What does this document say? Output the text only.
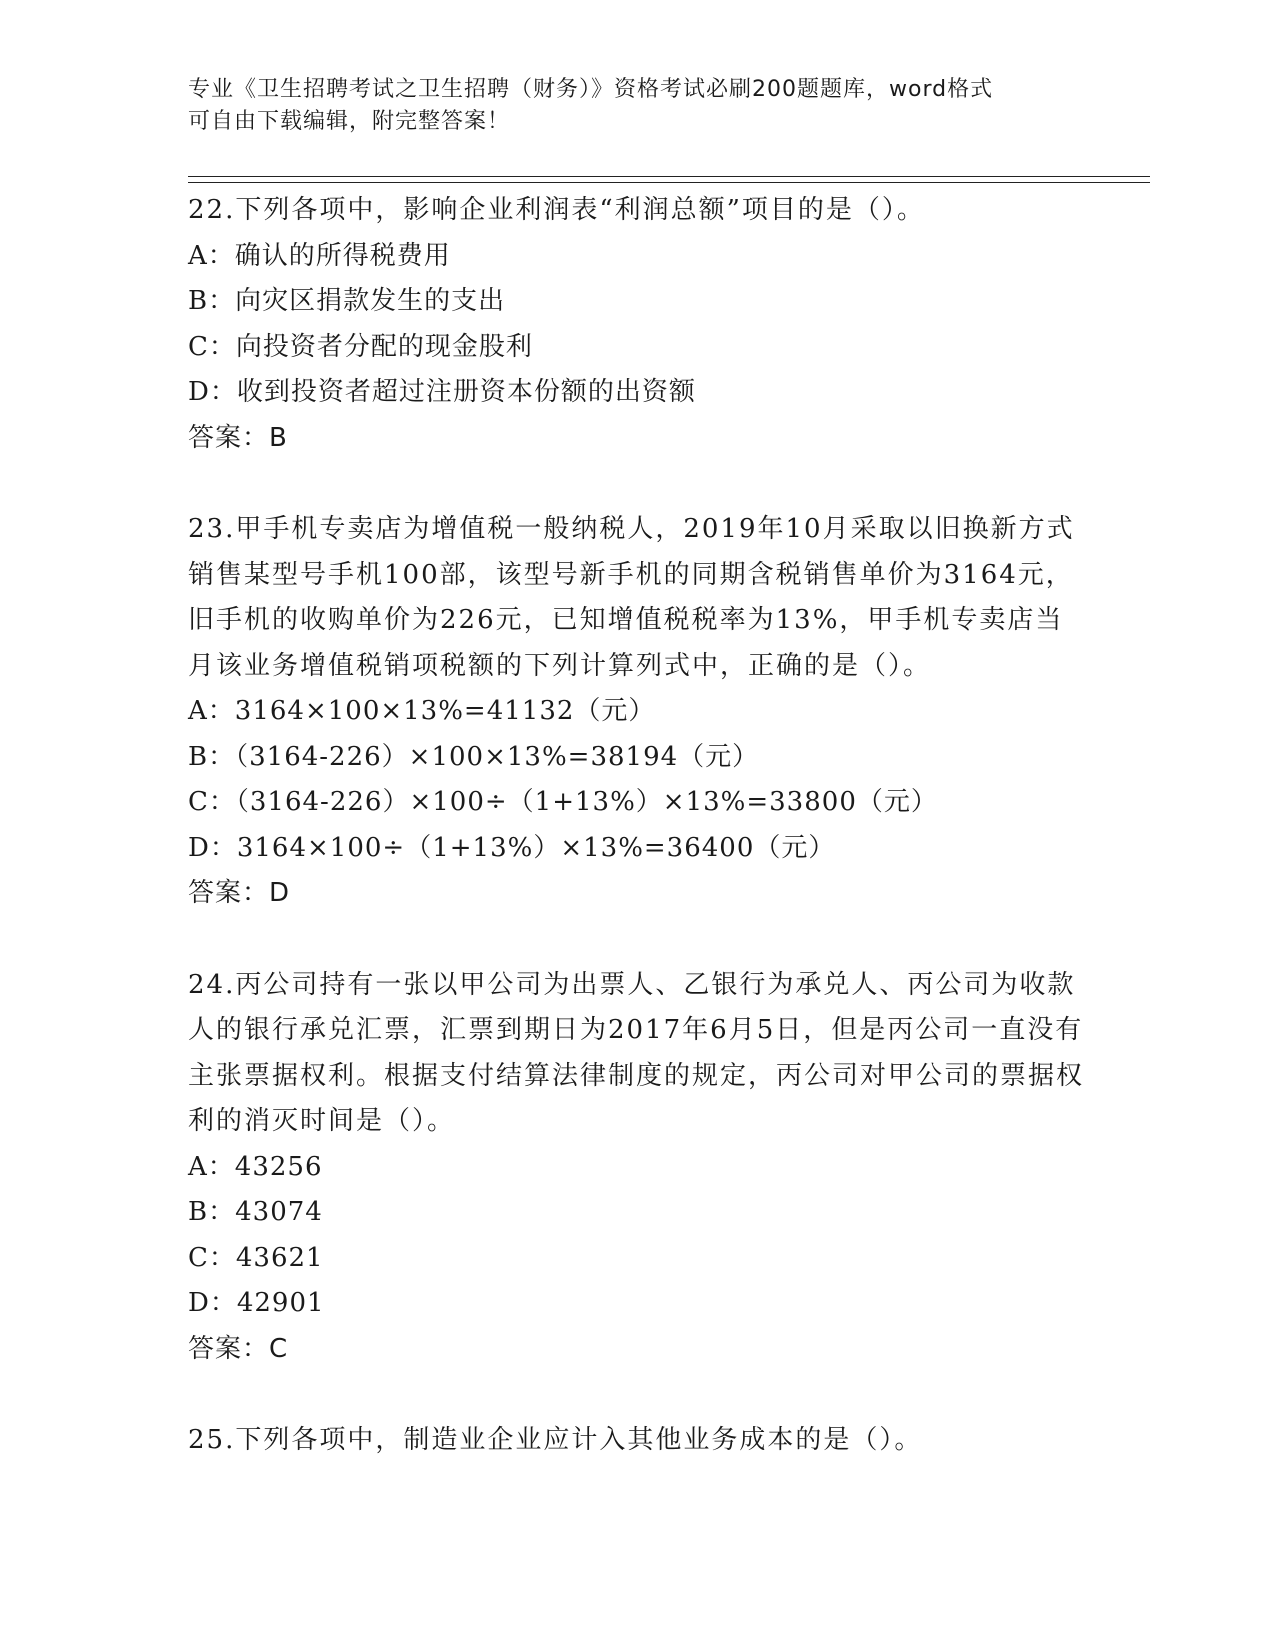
专业《卫生招聘考试之卫生招聘（财务）》资格考试必刷200题题库，word格式
可自由下载编辑，附完整答案！
22.下列各项中，影响企业利润表“利润总额”项目的是（）。
A：确认的所得税费用
B：向灾区捐款发生的支出
C：向投资者分配的现金股利
D：收到投资者超过注册资本份额的出资额
答案：B
23.甲手机专卖店为增值税一般纳税人，2019年10月采取以旧换新方式销售某型号手机100部，该型号新手机的同期含税销售单价为3164元，旧手机的收购单价为226元，已知增值税税率为13%，甲手机专卖店当月该业务增值税销项税额的下列计算列式中，正确的是（）。
A：3164×100×13%=41132（元）
B：（3164-226）×100×13%=38194（元）
C：（3164-226）×100÷（1+13%）×13%=33800（元）
D：3164×100÷（1+13%）×13%=36400（元）
答案：D
24.丙公司持有一张以甲公司为出票人、乙银行为承兑人、丙公司为收款人的银行承兑汇票，汇票到期日为2017年6月5日，但是丙公司一直没有主张票据权利。根据支付结算法律制度的规定，丙公司对甲公司的票据权利的消灭时间是（）。
A：43256
B：43074
C：43621
D：42901
答案：C
25.下列各项中，制造业企业应计入其他业务成本的是（）。
